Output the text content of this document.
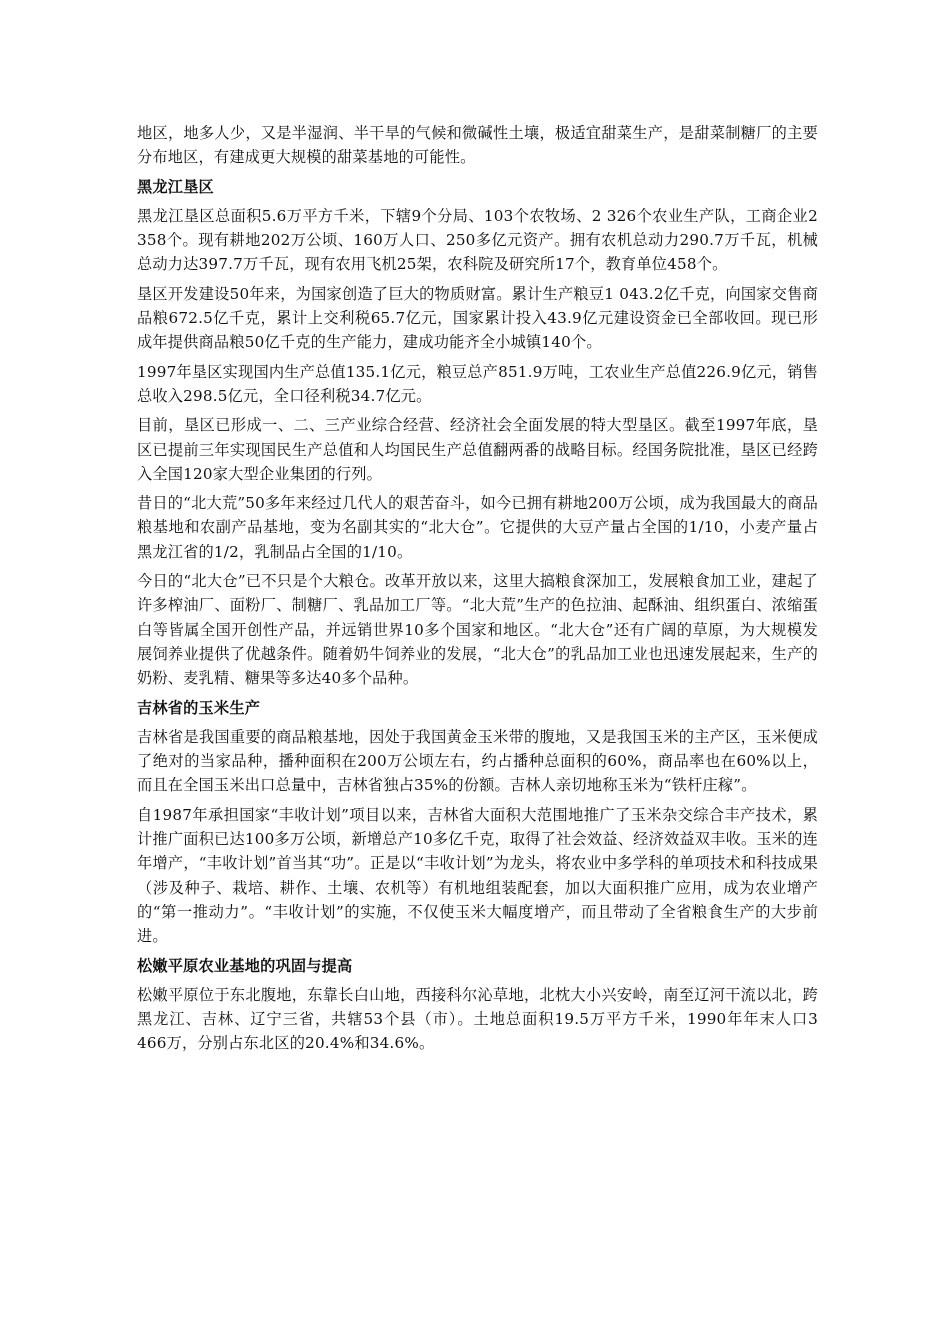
地区，地多人少，又是半湿润、半干旱的气候和微碱性土壤，极适宜甜菜生产，是甜菜制糖厂的主要分布地区，有建成更大规模的甜菜基地的可能性。

黑龙江垦区

黑龙江垦区总面积5.6万平方千米，下辖9个分局、103个农牧场、2 326个农业生产队，工商企业2 358个。现有耕地202万公顷、160万人口、250多亿元资产。拥有农机总动力290.7万千瓦，机械总动力达397.7万千瓦，现有农用飞机25架，农科院及研究所17个，教育单位458个。

垦区开发建设50年来，为国家创造了巨大的物质财富。累计生产粮豆1 043.2亿千克，向国家交售商品粮672.5亿千克，累计上交利税65.7亿元，国家累计投入43.9亿元建设资金已全部收回。现已形成年提供商品粮50亿千克的生产能力，建成功能齐全小城镇140个。

1997年垦区实现国内生产总值135.1亿元，粮豆总产851.9万吨，工农业生产总值226.9亿元，销售总收入298.5亿元，全口径利税34.7亿元。

目前，垦区已形成一、二、三产业综合经营、经济社会全面发展的特大型垦区。截至1997年底，垦区已提前三年实现国民生产总值和人均国民生产总值翻两番的战略目标。经国务院批准，垦区已经跨入全国120家大型企业集团的行列。

昔日的“北大荒”50多年来经过几代人的艰苦奋斗，如今已拥有耕地200万公顷，成为我国最大的商品粮基地和农副产品基地，变为名副其实的“北大仓”。它提供的大豆产量占全国的1/10，小麦产量占黑龙江省的1/2，乳制品占全国的1/10。

今日的“北大仓”已不只是个大粮仓。改革开放以来，这里大搞粮食深加工，发展粮食加工业，建起了许多榨油厂、面粉厂、制糖厂、乳品加工厂等。“北大荒”生产的色拉油、起酥油、组织蛋白、浓缩蛋白等皆属全国开创性产品，并远销世界10多个国家和地区。“北大仓”还有广阔的草原，为大规模发展饲养业提供了优越条件。随着奶牛饲养业的发展，“北大仓”的乳品加工业也迅速发展起来，生产的奶粉、麦乳精、糖果等多达40多个品种。

吉林省的玉米生产

吉林省是我国重要的商品粮基地，因处于我国黄金玉米带的腹地，又是我国玉米的主产区，玉米便成了绝对的当家品种，播种面积在200万公顷左右，约占播种总面积的60%，商品率也在60%以上，而且在全国玉米出口总量中，吉林省独占35%的份额。吉林人亲切地称玉米为“铁杆庄稼”。

自1987年承担国家“丰收计划”项目以来，吉林省大面积大范围地推广了玉米杂交综合丰产技术，累计推广面积已达100多万公顷，新增总产10多亿千克，取得了社会效益、经济效益双丰收。玉米的连年增产，“丰收计划”首当其“功”。正是以“丰收计划”为龙头，将农业中多学科的单项技术和科技成果（涉及种子、栽培、耕作、土壤、农机等）有机地组装配套，加以大面积推广应用，成为农业增产的“第一推动力”。“丰收计划”的实施，不仅使玉米大幅度增产，而且带动了全省粮食生产的大步前进。

松嫩平原农业基地的巩固与提高

松嫩平原位于东北腹地，东靠长白山地，西接科尔沁草地，北枕大小兴安岭，南至辽河干流以北，跨黑龙江、吉林、辽宁三省，共辖53个县（市）。土地总面积19.5万平方千米，1990年年末人口3 466万，分别占东北区的20.4%和34.6%。
